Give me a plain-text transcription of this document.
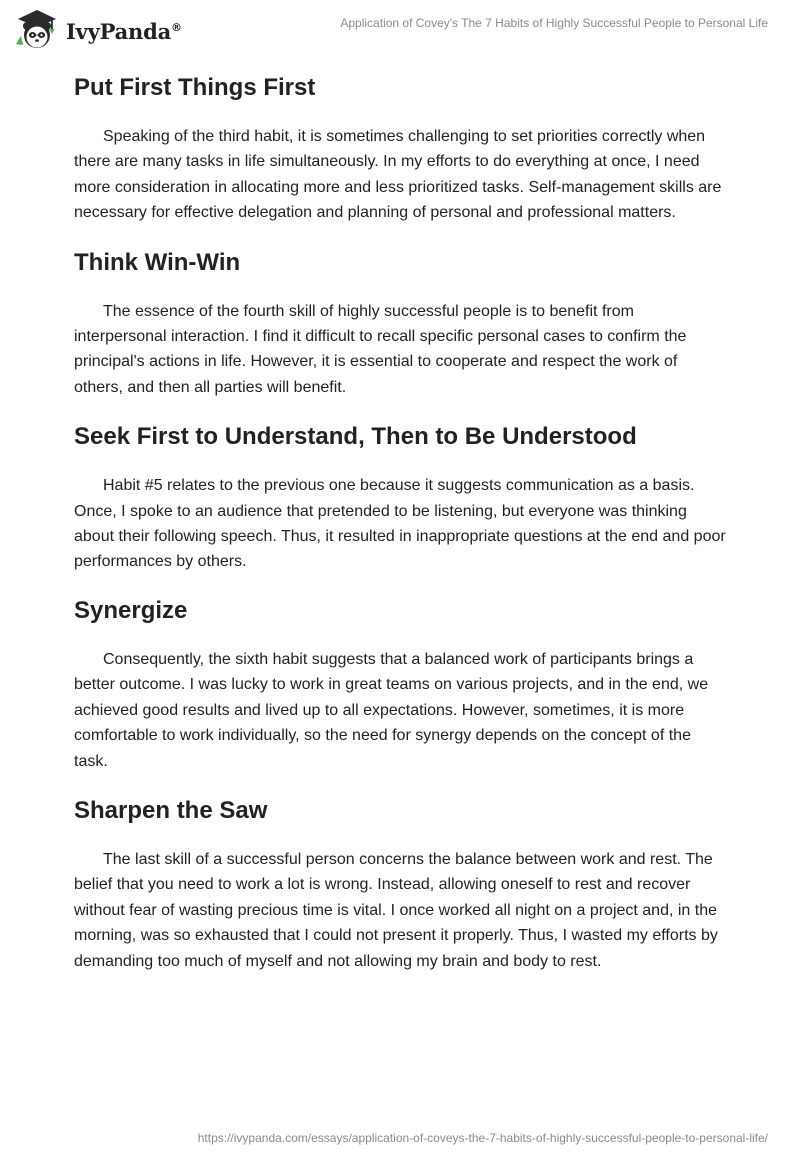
IvyPanda®	Application of Covey's The 7 Habits of Highly Successful People to Personal Life
Put First Things First

Speaking of the third habit, it is sometimes challenging to set priorities correctly when there are many tasks in life simultaneously. In my efforts to do everything at once, I need more consideration in allocating more and less prioritized tasks. Self-management skills are necessary for effective delegation and planning of personal and professional matters.

Think Win-Win

The essence of the fourth skill of highly successful people is to benefit from interpersonal interaction. I find it difficult to recall specific personal cases to confirm the principal's actions in life. However, it is essential to cooperate and respect the work of others, and then all parties will benefit.

Seek First to Understand, Then to Be Understood

Habit #5 relates to the previous one because it suggests communication as a basis. Once, I spoke to an audience that pretended to be listening, but everyone was thinking about their following speech. Thus, it resulted in inappropriate questions at the end and poor performances by others.

Synergize

Consequently, the sixth habit suggests that a balanced work of participants brings a better outcome. I was lucky to work in great teams on various projects, and in the end, we achieved good results and lived up to all expectations. However, sometimes, it is more comfortable to work individually, so the need for synergy depends on the concept of the task.

Sharpen the Saw

The last skill of a successful person concerns the balance between work and rest. The belief that you need to work a lot is wrong. Instead, allowing oneself to rest and recover without fear of wasting precious time is vital. I once worked all night on a project and, in the morning, was so exhausted that I could not present it properly. Thus, I wasted my efforts by demanding too much of myself and not allowing my brain and body to rest.

https://ivypanda.com/essays/application-of-coveys-the-7-habits-of-highly-successful-people-to-personal-life/
